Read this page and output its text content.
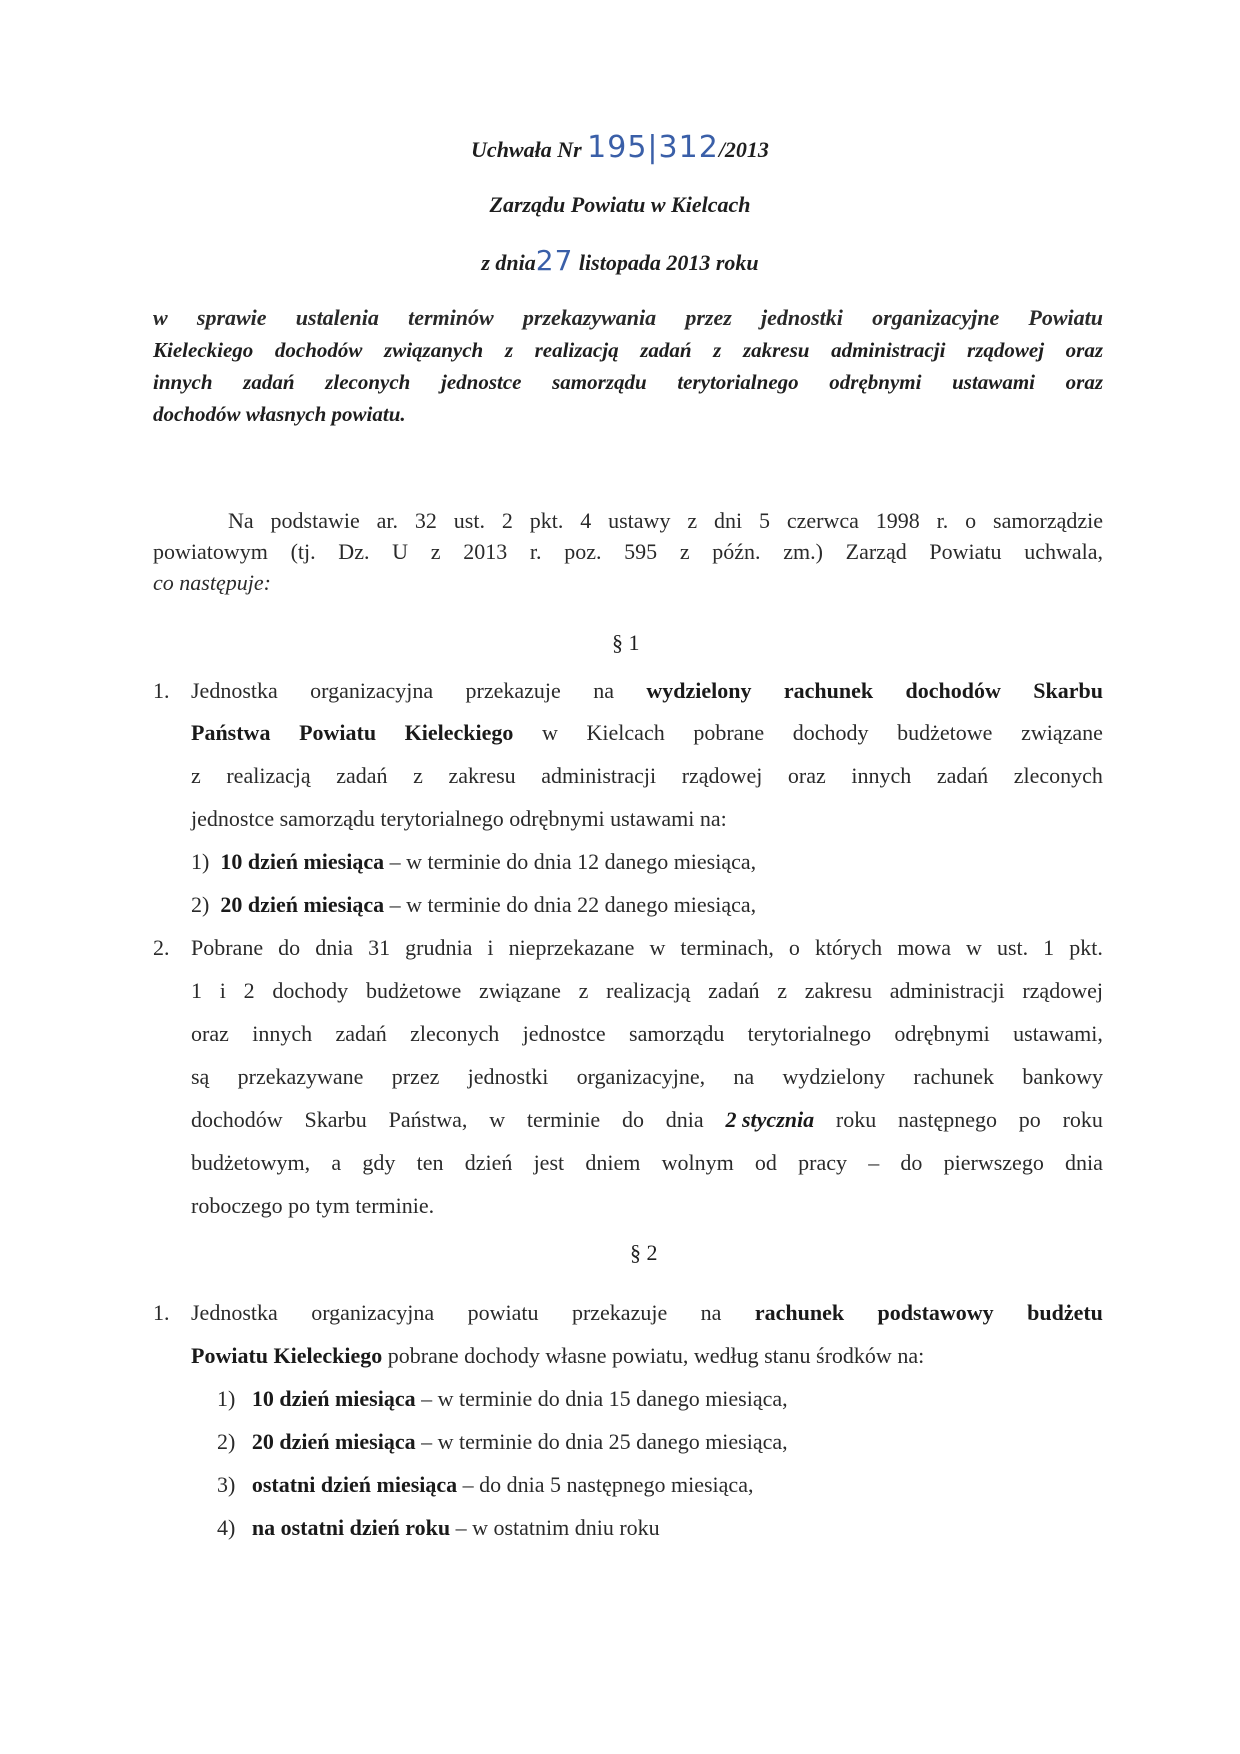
Uchwała Nr 195|312/2013
Zarządu Powiatu w Kielcach
z dnia27 listopada 2013 roku
w sprawie ustalenia terminów przekazywania przez jednostki organizacyjne Powiatu
Kieleckiego dochodów związanych z realizacją zadań z zakresu administracji rządowej oraz
innych zadań zleconych jednostce samorządu terytorialnego odrębnymi ustawami oraz
dochodów własnych powiatu.
Na podstawie ar. 32 ust. 2 pkt. 4 ustawy z dni 5 czerwca 1998 r. o samorządzie
powiatowym (tj. Dz. U z 2013 r. poz. 595 z późn. zm.) Zarząd Powiatu uchwala,
co następuje:
§ 1
1. Jednostka organizacyjna przekazuje na wydzielony rachunek dochodów Skarbu
Państwa Powiatu Kieleckiego w Kielcach pobrane dochody budżetowe związane
z realizacją zadań z zakresu administracji rządowej oraz innych zadań zleconych
jednostce samorządu terytorialnego odrębnymi ustawami na:
1) 10 dzień miesiąca – w terminie do dnia 12 danego miesiąca,
2) 20 dzień miesiąca – w terminie do dnia 22 danego miesiąca,
2. Pobrane do dnia 31 grudnia i nieprzekazane w terminach, o których mowa w ust. 1 pkt.
1 i 2 dochody budżetowe związane z realizacją zadań z zakresu administracji rządowej
oraz innych zadań zleconych jednostce samorządu terytorialnego odrębnymi ustawami,
są przekazywane przez jednostki organizacyjne, na wydzielony rachunek bankowy
dochodów Skarbu Państwa, w terminie do dnia 2 stycznia roku następnego po roku
budżetowym, a gdy ten dzień jest dniem wolnym od pracy – do pierwszego dnia
roboczego po tym terminie.
§ 2
1. Jednostka organizacyjna powiatu przekazuje na rachunek podstawowy budżetu
Powiatu Kieleckiego pobrane dochody własne powiatu, według stanu środków na:
1) 10 dzień miesiąca – w terminie do dnia 15 danego miesiąca,
2) 20 dzień miesiąca – w terminie do dnia 25 danego miesiąca,
3) ostatni dzień miesiąca – do dnia 5 następnego miesiąca,
4) na ostatni dzień roku – w ostatnim dniu roku
